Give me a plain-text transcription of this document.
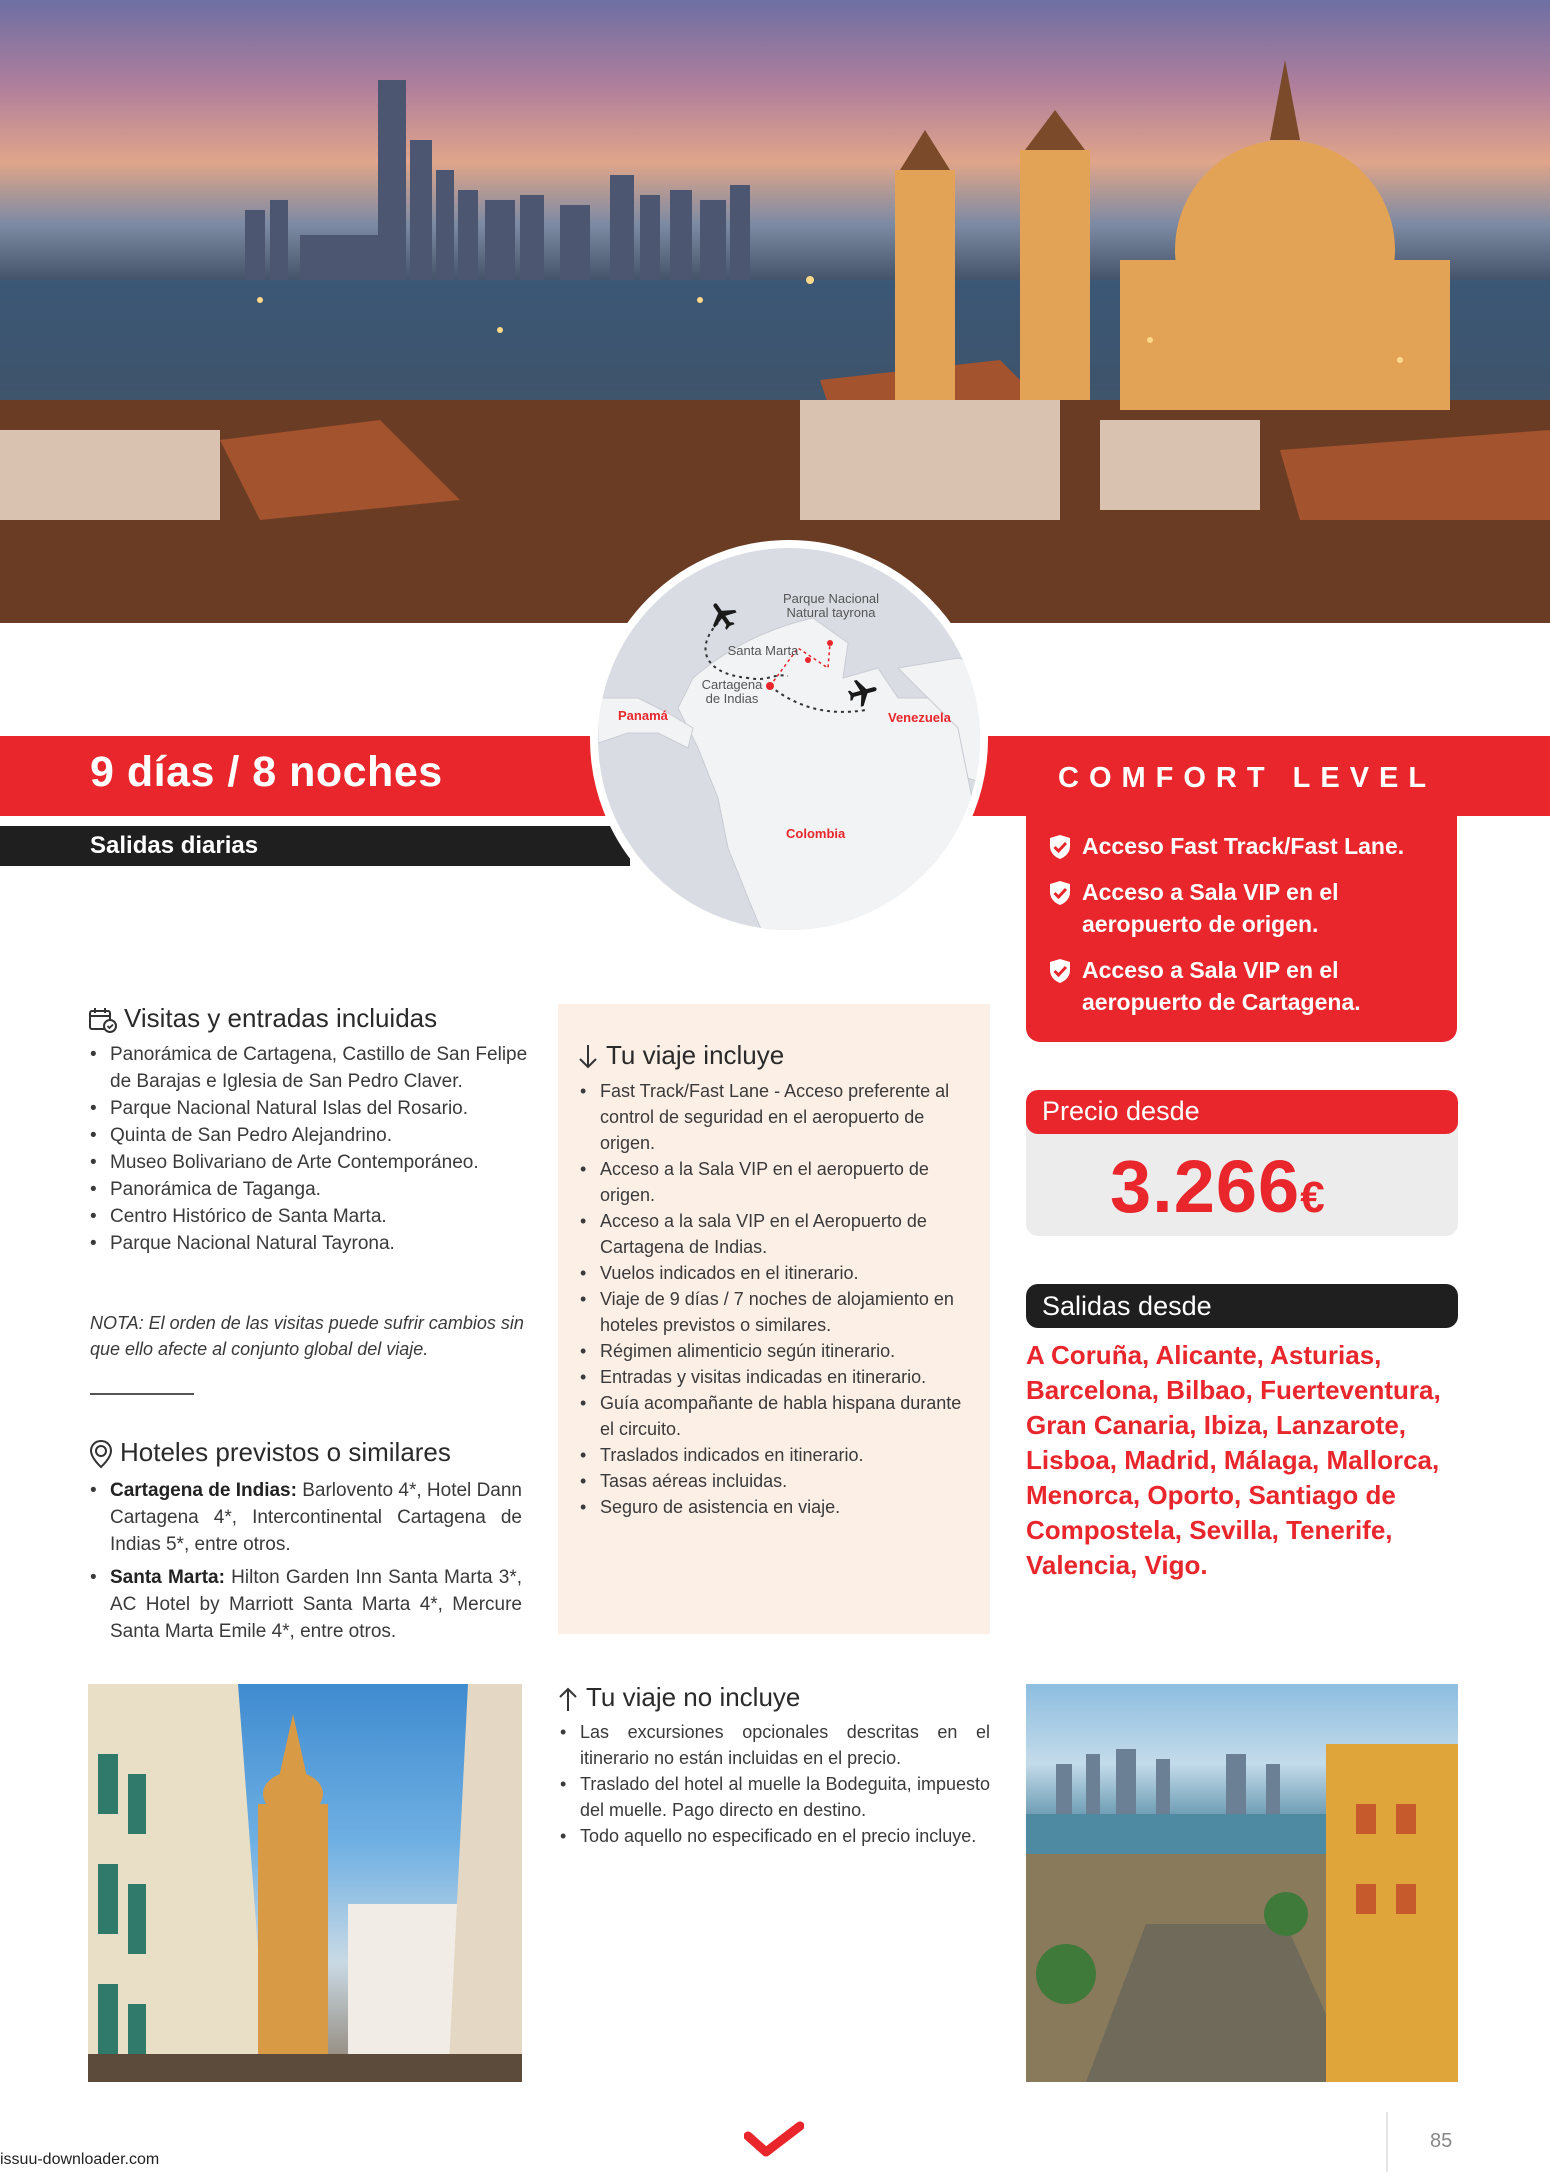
9 días / 8 noches
Salidas diarias
COMFORT LEVEL
Acceso Fast Track/Fast Lane.
Acceso a Sala VIP en el aeropuerto de origen.
Acceso a Sala VIP en el aeropuerto de Cartagena.
Parque Nacional Natural tayrona
Santa Marta
Cartagena de Indias
Panamá	Venezuela
Colombia
Visitas y entradas incluidas
• Panorámica de Cartagena, Castillo de San Felipe de Barajas e Iglesia de San Pedro Claver.
• Parque Nacional Natural Islas del Rosario.
• Quinta de San Pedro Alejandrino.
• Museo Bolivariano de Arte Contemporáneo.
• Panorámica de Taganga.
• Centro Histórico de Santa Marta.
• Parque Nacional Natural Tayrona.
NOTA: El orden de las visitas puede sufrir cambios sin que ello afecte al conjunto global del viaje.
Hoteles previstos o similares
• Cartagena de Indias: Barlovento 4*, Hotel Dann Cartagena 4*, Intercontinental Cartagena de Indias 5*, entre otros.
• Santa Marta: Hilton Garden Inn Santa Marta 3*, AC Hotel by Marriott Santa Marta 4*, Mercure Santa Marta Emile 4*, entre otros.
Tu viaje incluye
• Fast Track/Fast Lane - Acceso preferente al control de seguridad en el aeropuerto de origen.
• Acceso a la Sala VIP en el aeropuerto de origen.
• Acceso a la sala VIP en el Aeropuerto de Cartagena de Indias.
• Vuelos indicados en el itinerario.
• Viaje de 9 días / 7 noches de alojamiento en hoteles previstos o similares.
• Régimen alimenticio según itinerario.
• Entradas y visitas indicadas en itinerario.
• Guía acompañante de habla hispana durante el circuito.
• Traslados indicados en itinerario.
• Tasas aéreas incluidas.
• Seguro de asistencia en viaje.
Tu viaje no incluye
• Las excursiones opcionales descritas en el itinerario no están incluidas en el precio.
• Traslado del hotel al muelle la Bodeguita, impuesto del muelle. Pago directo en destino.
• Todo aquello no especificado en el precio incluye.
Precio desde
3.266€
Salidas desde
A Coruña, Alicante, Asturias, Barcelona, Bilbao, Fuerteventura, Gran Canaria, Ibiza, Lanzarote, Lisboa, Madrid, Málaga, Mallorca, Menorca, Oporto, Santiago de Compostela, Sevilla, Tenerife, Valencia, Vigo.
85
issuu-downloader.com
